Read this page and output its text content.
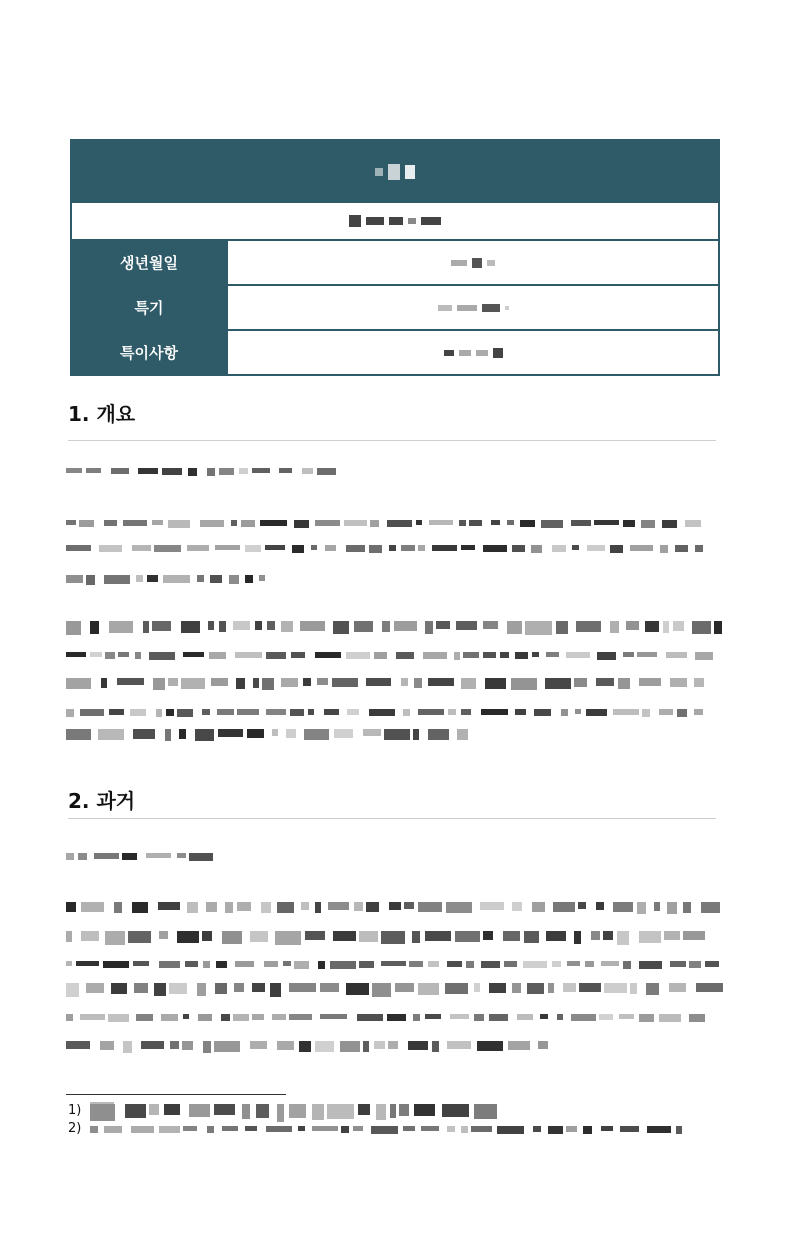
생년월일
특기
특이사항
1. 개요
2. 과거
1)
2)
